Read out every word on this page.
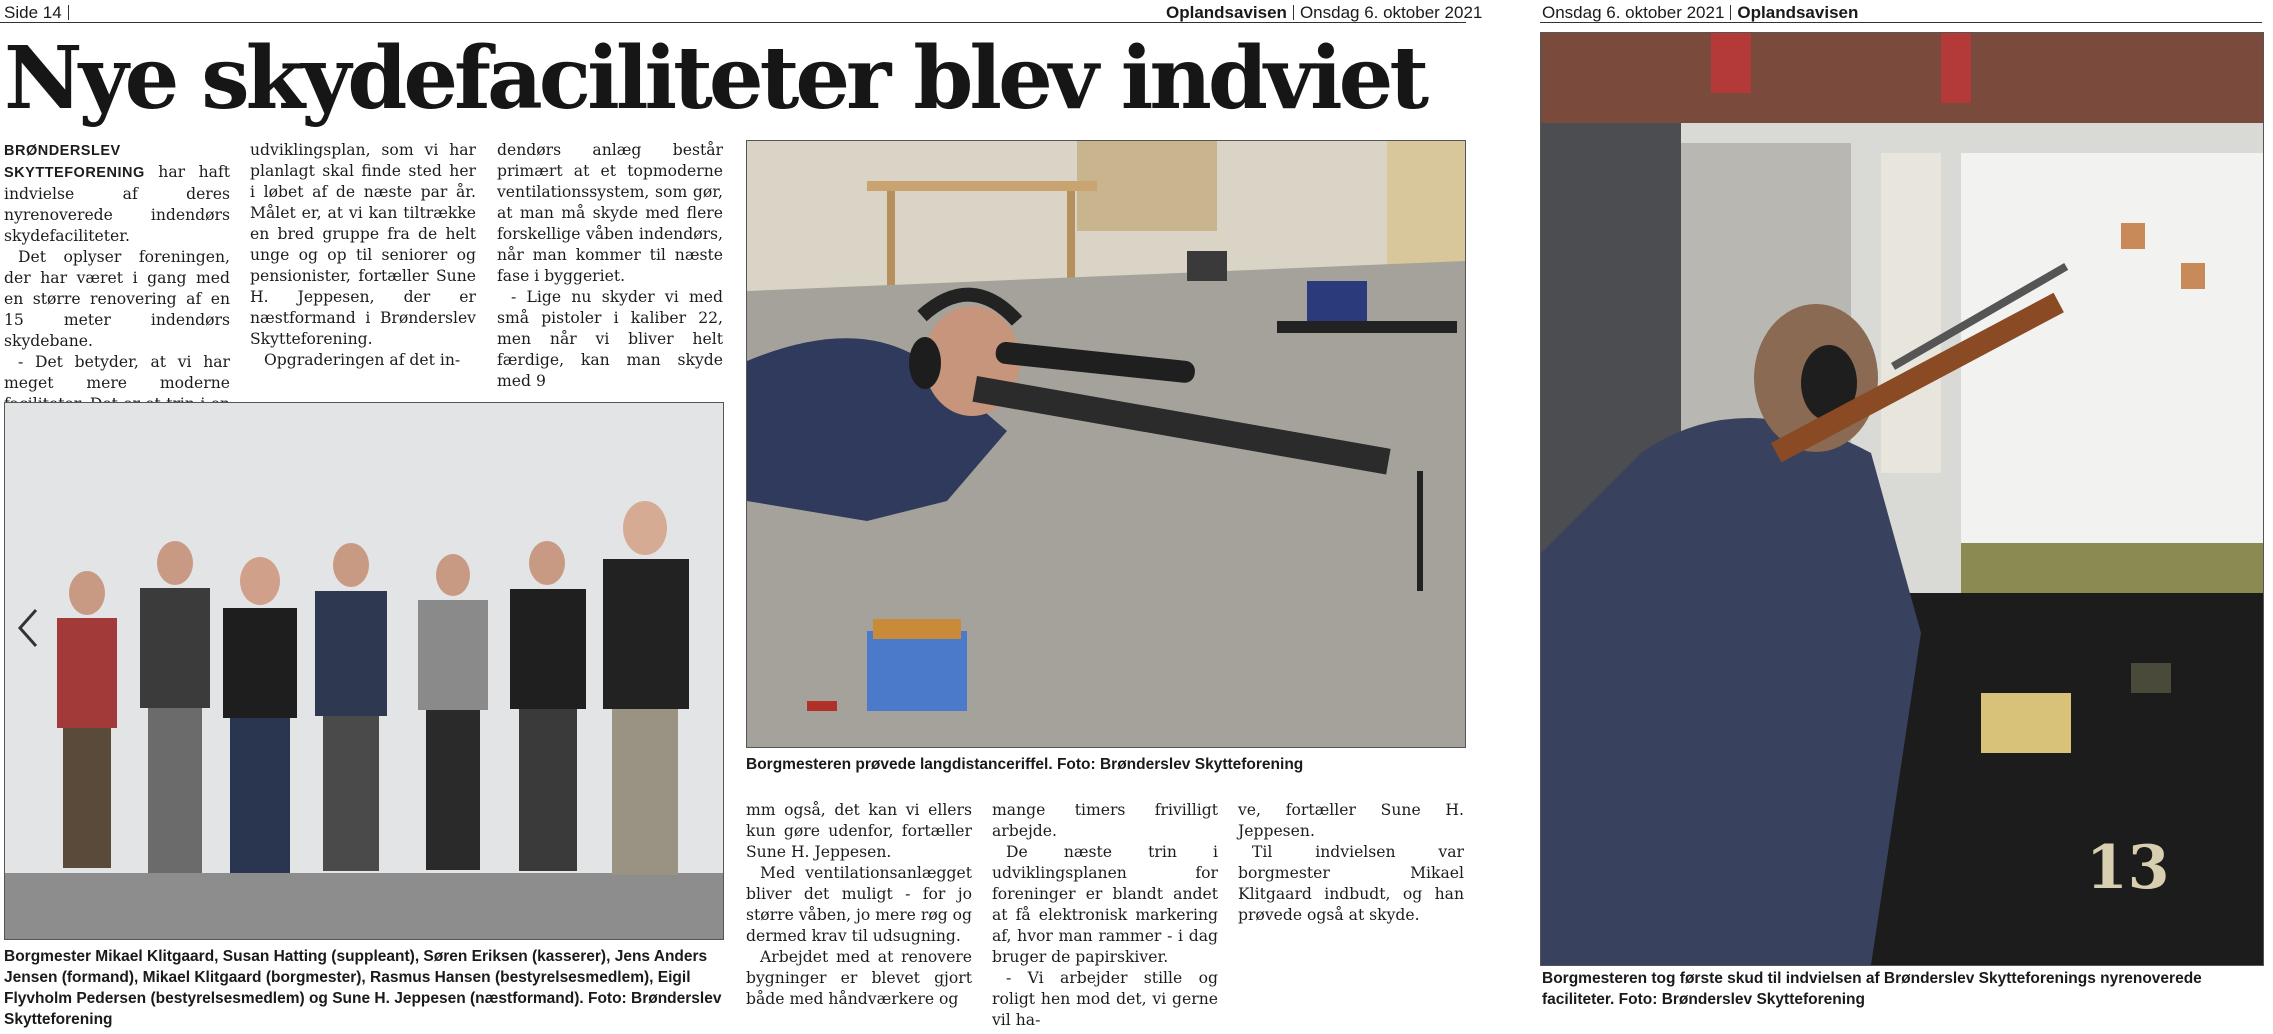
Side 14	Oplandsavisen Onsdag 6. oktober 2021	Onsdag 6. oktober 2021 Oplandsavisen
Nye skydefaciliteter blev indviet

BRØNDERSLEV SKYTTEFORENING har haft indvielse af deres nyrenoverede indendørs skydefaciliteter.

Det oplyser foreningen, der har været i gang med en større renovering af en 15 meter indendørs skydebane.

- Det betyder, at vi har meget mere moderne

udviklingsplan, som vi har planlagt skal finde sted her i løbet af de næste par år. Målet er, at vi kan tiltrække en bred gruppe fra de helt unge og op til seniorer og pensionister, fortæller Sune H. Jeppesen, der er næstformand i Brønderslev Skytteforening.

Opgraderingen af det in-

dendørs anlæg består primært at et topmoderne ventilationssystem, som gør, at man må skyde med flere forskellige våben indendørs, når man kommer til næste fase i byggeriet.

- Lige nu skyder vi med små pistoler i kaliber 22, men når vi bliver helt færdige, kan man skyde med 9

mm også, det kan vi ellers kun gøre udenfor, fortæller Sune H. Jeppesen.

Med ventilationsanlægget bliver det muligt - for jo større våben, jo mere røg og dermed krav til udsugning.

Arbejdet med at renovere bygninger er blevet gjort både med håndværkere og

mange timers frivilligt arbejde.

De næste trin i udviklingsplanen for foreninger er blandt andet at få elektronisk markering af, hvor man rammer - i dag bruger de papirskiver.

- Vi arbejder stille og roligt hen mod det, vi gerne vil ha-

ve, fortæller Sune H. Jeppesen.

Til indvielsen var borgmester Mikael Klitgaard indbudt, og han prøvede også at skyde.

Borgmesteren prøvede langdistanceriffel. Foto: Brønderslev Skytteforening
Borgmester Mikael Klitgaard, Susan Hatting (suppleant), Søren Eriksen (kasserer), Jens Anders Jensen (formand), Mikael Klitgaard (borgmester), Rasmus Hansen (bestyrelsesmedlem), Eigil Flyvholm Pedersen (bestyrelsesmedlem) og Sune H. Jeppesen (næstformand). Foto: Brønderslev Skytteforening
13
Borgmesteren tog første skud til indvielsen af Brønderslev Skytteforenings nyrenoverede faciliteter. Foto: Brønderslev Skytteforening
